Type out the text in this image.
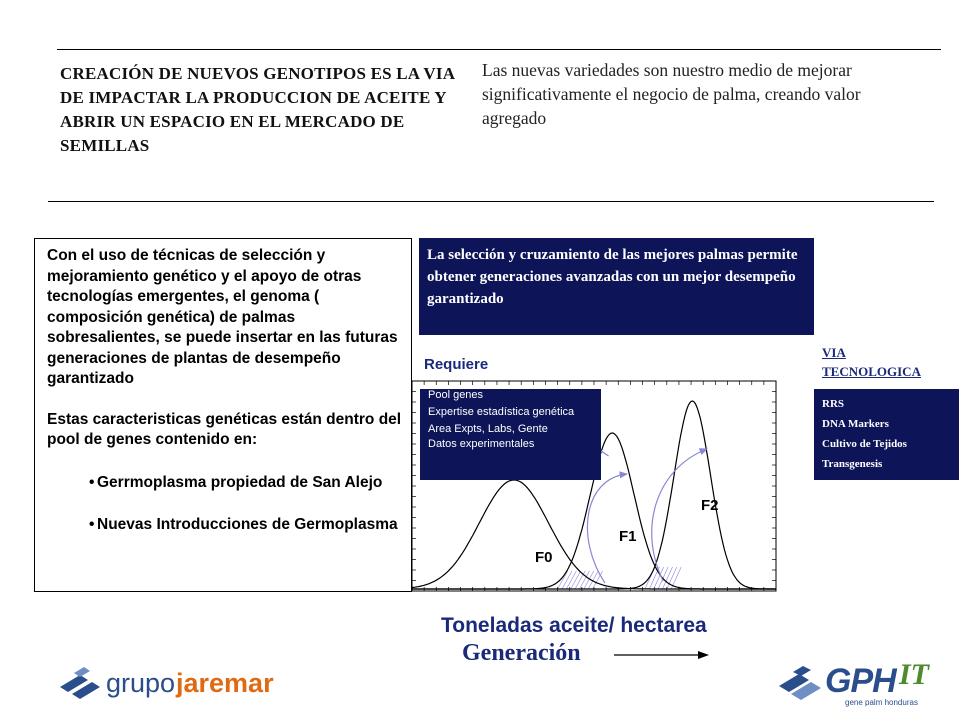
CREACIÓN DE NUEVOS GENOTIPOS ES LA VIA DE IMPACTAR LA PRODUCCION DE ACEITE Y ABRIR UN ESPACIO EN EL MERCADO DE SEMILLAS
Las nuevas variedades son nuestro medio de mejorar significativamente el negocio de palma, creando valor agregado

Con el uso de técnicas de selección y mejoramiento genético y el apoyo de otras tecnologías emergentes, el genoma ( composición genética) de palmas sobresalientes, se puede insertar en las futuras generaciones de plantas de desempeño garantizado

Estas caracteristicas genéticas están dentro del pool de genes contenido en:

• Gerrmoplasma propiedad de San Alejo
• Nuevas Introducciones de Germoplasma
La selección y cruzamiento de las mejores palmas permite obtener generaciones avanzadas con un mejor desempeño garantizado
Requiere
VIA TECNOLOGICA
RRS
DNA Markers
Cultivo de Tejidos
Transgenesis
Pool genes
Expertise estadística genética
Area Expts, Labs, Gente
Datos experimentales
F0
F1
F2
Toneladas aceite/ hectarea
Generación
grupo jaremar	GPH IT
gene palm honduras
